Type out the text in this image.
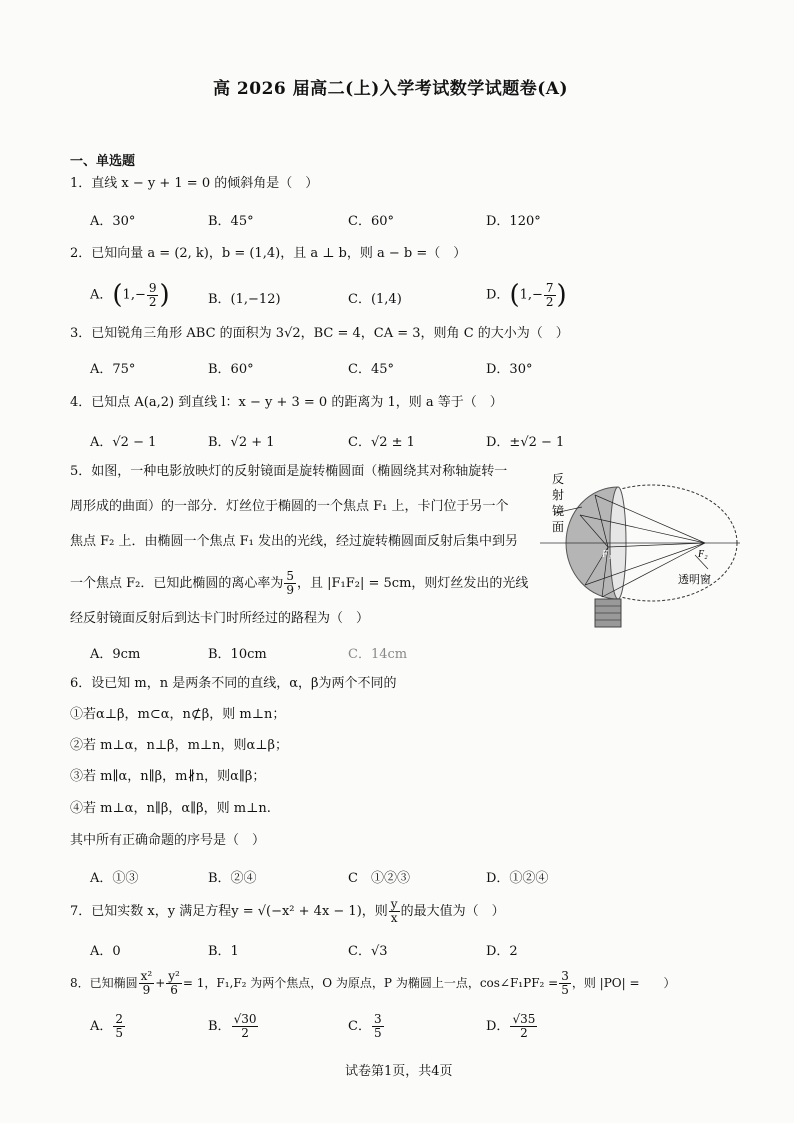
高 2026 届高二(上)入学考试数学试题卷(A)
一、单选题
1．直线 x − y + 1 = 0 的倾斜角是（　）
A．30°	B．45°	C．60°	D．120°
2．已知向量 a = (2, k)，b = (1,4)，且 a ⊥ b，则 a − b =（　）
A．($1,- \frac{9}{2}$ )	B．(1,−12)	C．(1,4)	D．($1,- \frac{7}{2}$ )
3．已知锐角三角形 ABC 的面积为 3√2，BC = 4，CA = 3，则角 C 的大小为（　）
A．75°	B．60°	C．45°	D．30°
4．已知点 A(a,2) 到直线 l：x − y + 3 = 0 的距离为 1，则 a 等于（　）
A．√2 − 1	B．√2 + 1	C．√2 ± 1	D．±√2 − 1
5．如图，一种电影放映灯的反射镜面是旋转椭圆面（椭圆绕其对称轴旋转一
周形成的曲面）的一部分．灯丝位于椭圆的一个焦点 F₁ 上，卡门位于另一个
焦点 F₂ 上．由椭圆一个焦点 F₁ 发出的光线，经过旋转椭圆面反射后集中到另
一个焦点 F₂．已知此椭圆的离心率为 $\frac{5}{9}$ ，且 |F₁F₂| = 5cm，则灯丝发出的光线
经反射镜面反射后到达卡门时所经过的路程为（　）
A．9cm	B．10cm	C．14cm
反
射
镜
面
F₁	F₂
透明窗
6．设已知 m，n 是两条不同的直线，α，β为两个不同的
①若α⊥β，m⊂α，n⊄β，则 m⊥n；
②若 m⊥α，n⊥β，m⊥n，则α⊥β；
③若 m∥α，n∥β，m∦n，则α∥β；
④若 m⊥α，n∥β，α∥β，则 m⊥n.
其中所有正确命题的序号是（　）
A．①③	B．②④	C　①②③	D．①②④
7．已知实数 x，y 满足方程y = √(−x² + 4x − 1)，则 $\frac{y}{x}$ 的最大值为（　）
A．0	B．1	C．√3	D．2
8．已知椭圆 $\frac{\text{x²}}{9} + \frac{\text{y²}}{6} = 1$，F₁,F₂ 为两个焦点，O 为原点，P 为椭圆上一点，cos∠F₁PF₂ = $\frac{3}{5}$ ，则 |PO| =　　）
A． $\frac{2}{5}$	B． $\frac{√30}{2}$	C． $\frac{3}{5}$	D． $\frac{√35}{2}$
试卷第1页，共4页
